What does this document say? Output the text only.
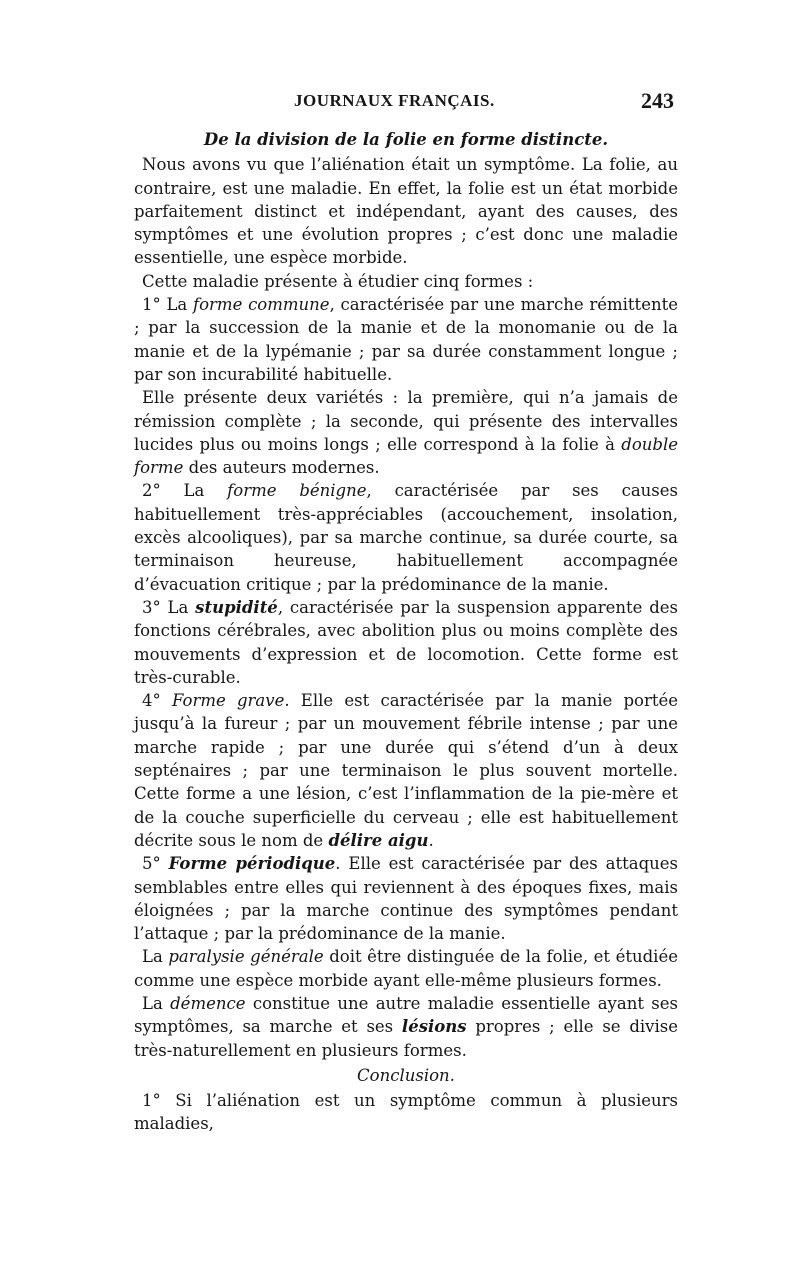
JOURNAUX FRANÇAIS.	243

De la division de la folie en forme distincte.

Nous avons vu que l’aliénation était un symptôme. La folie, au contraire, est une maladie. En effet, la folie est un état morbide parfaitement distinct et indépendant, ayant des causes, des symptômes et une évolution propres ; c’est donc une maladie essentielle, une espèce morbide.

Cette maladie présente à étudier cinq formes :

1° La forme commune, caractérisée par une marche rémittente ; par la succession de la manie et de la monomanie ou de la manie et de la lypémanie ; par sa durée constamment longue ; par son incurabilité habituelle.

Elle présente deux variétés : la première, qui n’a jamais de rémission complète ; la seconde, qui présente des intervalles lucides plus ou moins longs ; elle correspond à la folie à double forme des auteurs modernes.

2° La forme bénigne, caractérisée par ses causes habituellement très-appréciables (accouchement, insolation, excès alcooliques), par sa marche continue, sa durée courte, sa terminaison heureuse, habituellement accompagnée d’évacuation critique ; par la prédominance de la manie.

3° La stupidité, caractérisée par la suspension apparente des fonctions cérébrales, avec abolition plus ou moins complète des mouvements d’expression et de locomotion. Cette forme est très-curable.

4° Forme grave. Elle est caractérisée par la manie portée jusqu’à la fureur ; par un mouvement fébrile intense ; par une marche rapide ; par une durée qui s’étend d’un à deux septénaires ; par une terminaison le plus souvent mortelle. Cette forme a une lésion, c’est l’inflammation de la pie-mère et de la couche superficielle du cerveau ; elle est habituellement décrite sous le nom de délire aigu.

5° Forme périodique. Elle est caractérisée par des attaques semblables entre elles qui reviennent à des époques fixes, mais éloignées ; par la marche continue des symptômes pendant l’attaque ; par la prédominance de la manie.

La paralysie générale doit être distinguée de la folie, et étudiée comme une espèce morbide ayant elle-même plusieurs formes.

La démence constitue une autre maladie essentielle ayant ses symptômes, sa marche et ses lésions propres ; elle se divise très-naturellement en plusieurs formes.

Conclusion.

1° Si l’aliénation est un symptôme commun à plusieurs maladies,
